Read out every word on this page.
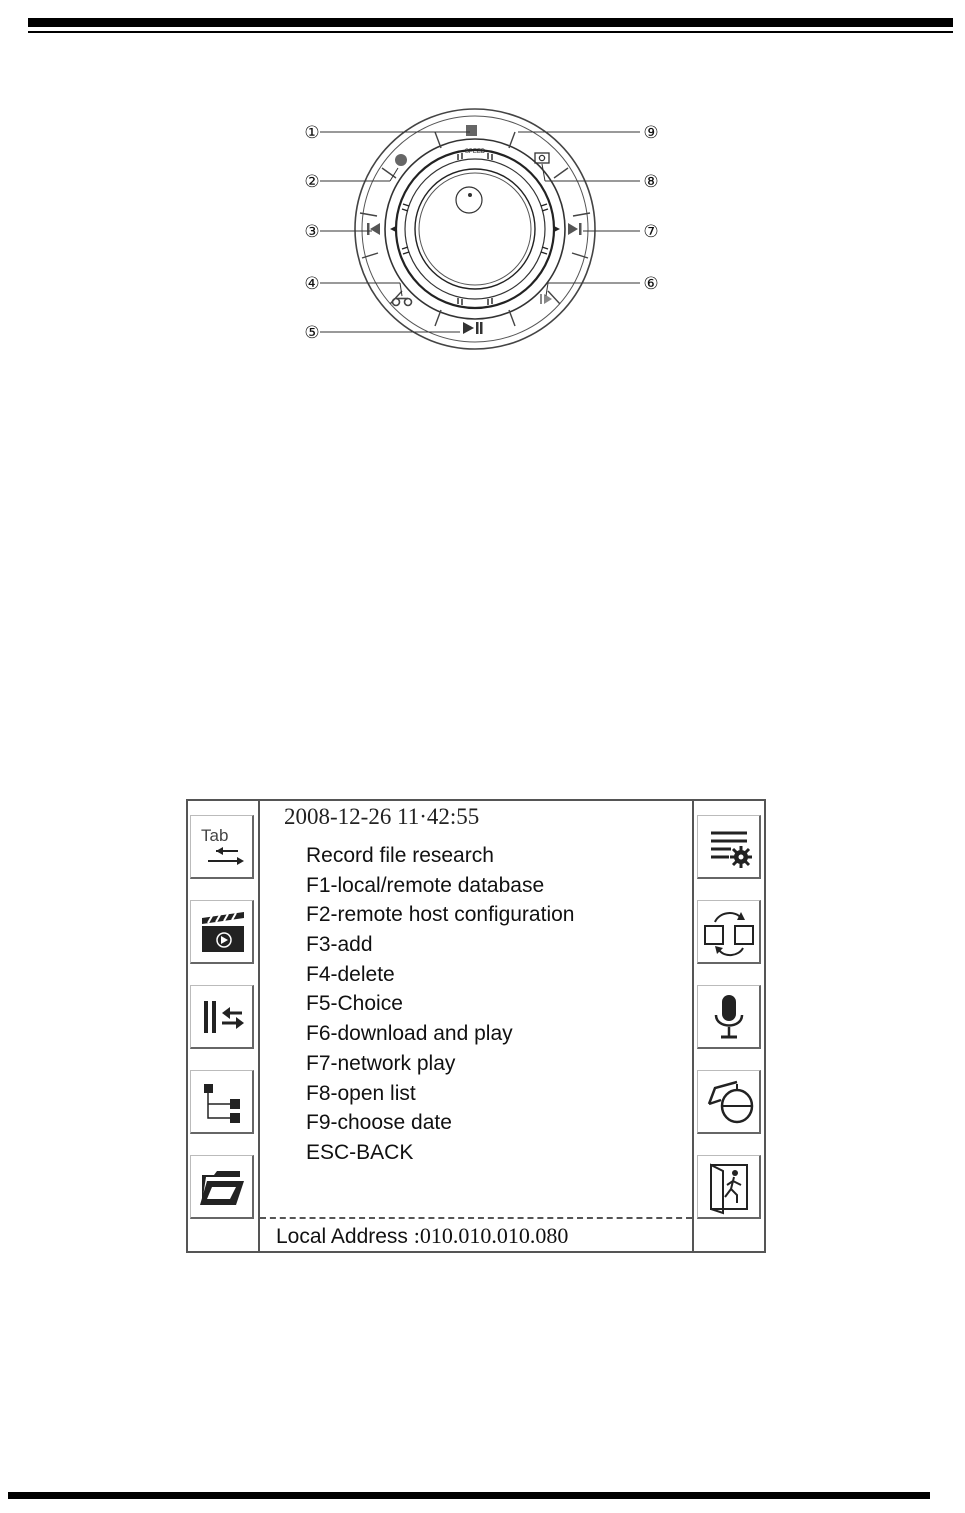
SPEED
①
②
③
④
⑤
⑥
⑦
⑧
⑨
Tab
2008-12-26 11·42:55
Record file research
F1-local/remote database
F2-remote host configuration
F3-add
F4-delete
F5-Choice
F6-download and play
F7-network play
F8-open list
F9-choose date
ESC-BACK
Local Address :010.010.010.080
